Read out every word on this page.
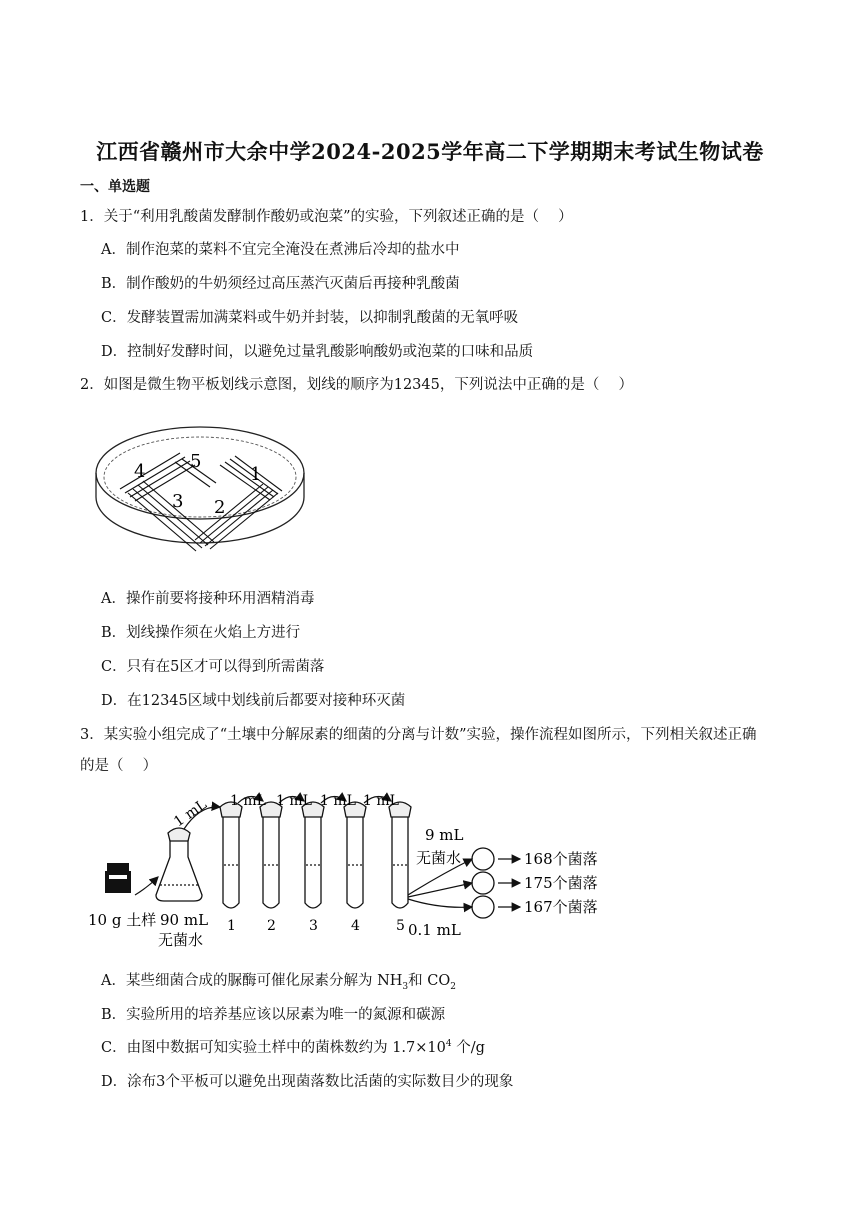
江西省赣州市大余中学2024-2025学年高二下学期期末考试生物试卷
一、单选题
1．关于“利用乳酸菌发酵制作酸奶或泡菜”的实验，下列叙述正确的是（　 ）
A．制作泡菜的菜料不宜完全淹没在煮沸后冷却的盐水中
B．制作酸奶的牛奶须经过高压蒸汽灭菌后再接种乳酸菌
C．发酵装置需加满菜料或牛奶并封装，以抑制乳酸菌的无氧呼吸
D．控制好发酵时间，以避免过量乳酸影响酸奶或泡菜的口味和品质
2．如图是微生物平板划线示意图，划线的顺序为12345，下列说法中正确的是（　 ）
1
2
3
4 5
A．操作前要将接种环用酒精消毒
B．划线操作须在火焰上方进行
C．只有在5区才可以得到所需菌落
D．在12345区域中划线前后都要对接种环灭菌
3．某实验小组完成了“土壤中分解尿素的细菌的分离与计数”实验，操作流程如图所示，下列相关叙述正确
的是（　 ）
1 mL 1 mL 1 mL 1 mL 1 mL
1 2 3 4	5
10 g 土样 90 mL
无菌水
9 mL
无菌水
0.1 mL
168个菌落
175个菌落
167个菌落
A．某些细菌合成的脲酶可催化尿素分解为 $NH_3$和 $CO_2$
B．实验所用的培养基应该以尿素为唯一的氮源和碳源
C．由图中数据可知实验土样中的菌株数约为 $1.7\times 10^4$ 个/g
D．涂布3个平板可以避免出现菌落数比活菌的实际数目少的现象
